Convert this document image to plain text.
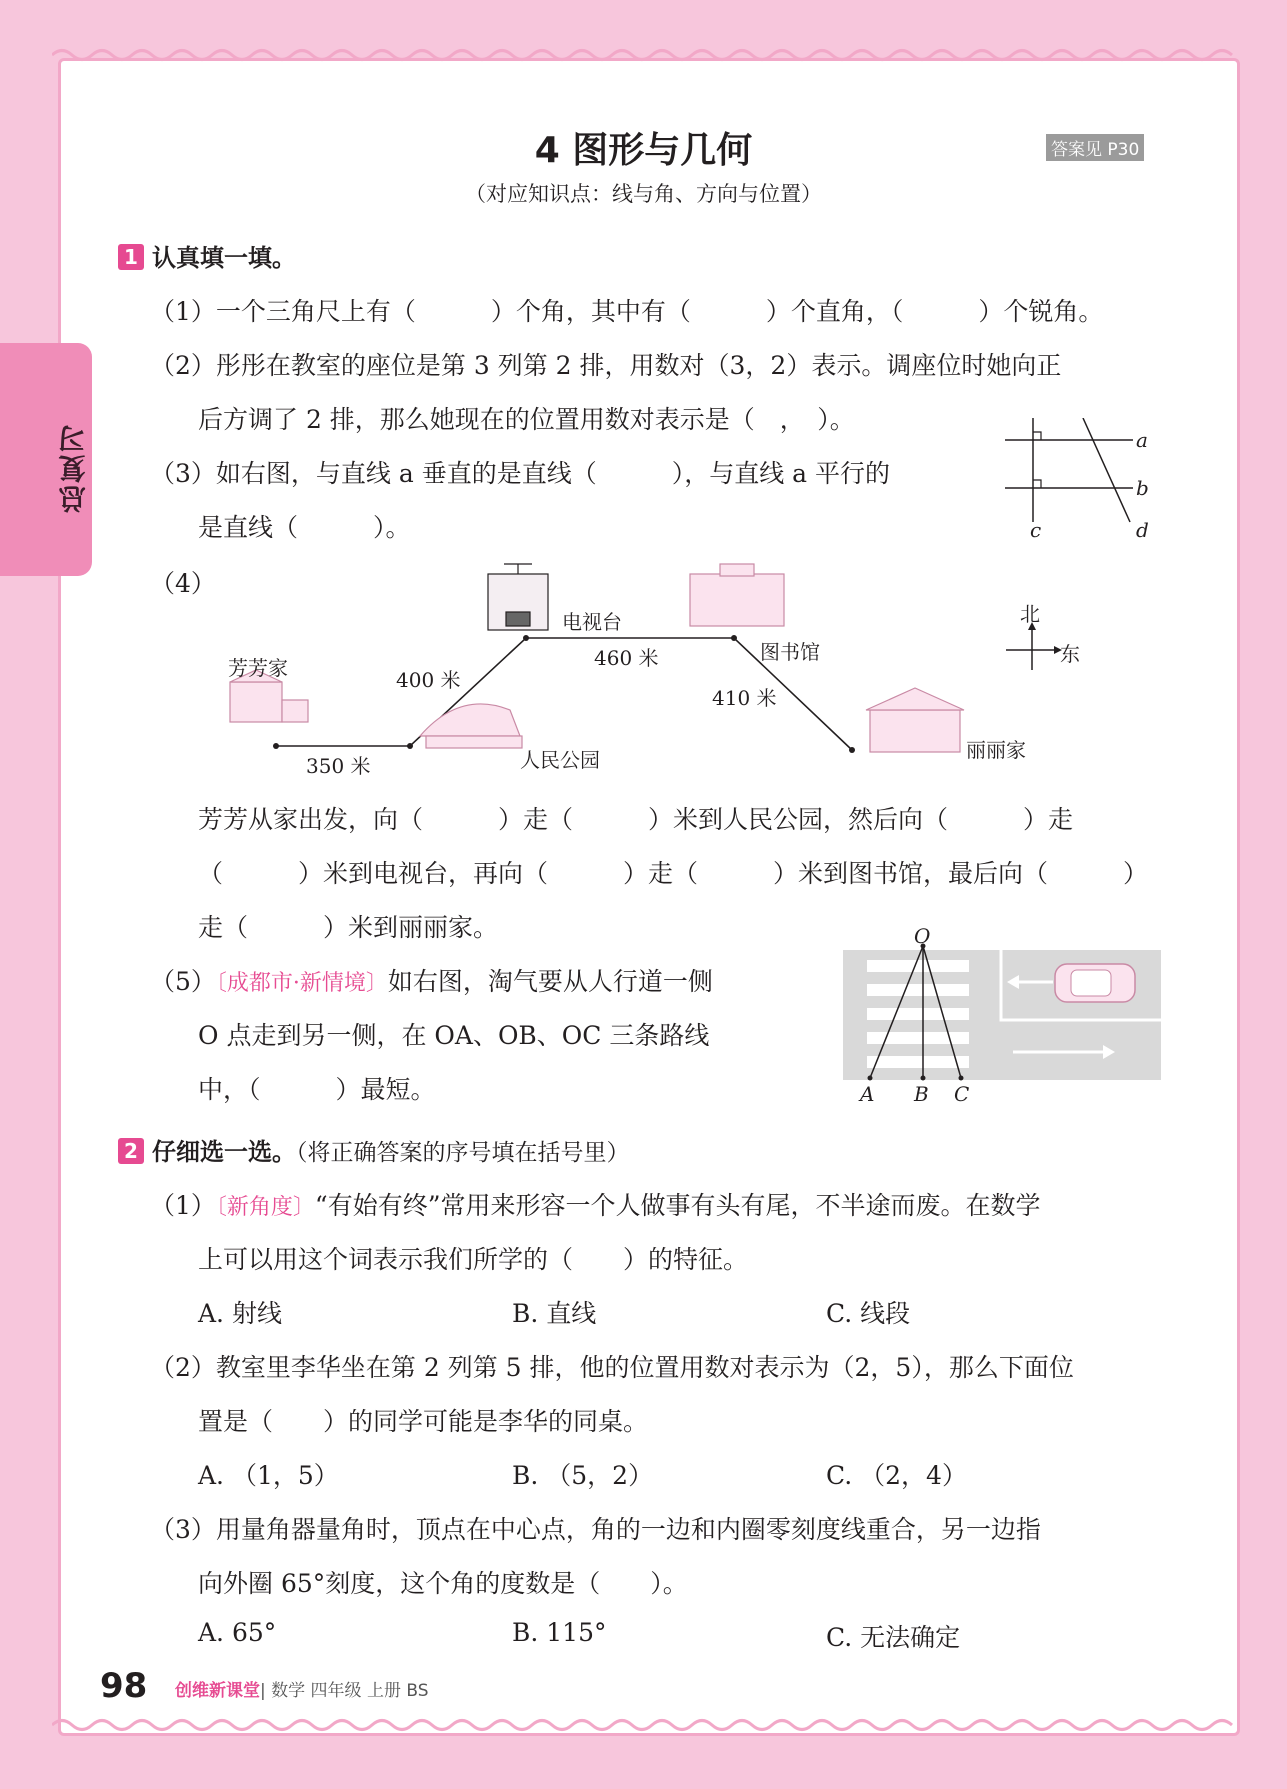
总复习
4 图形与几何	答案见 P30
（对应知识点：线与角、方向与位置）
1 认真填一填。
（1）一个三角尺上有（　　　）个角，其中有（　　　）个直角，（　　　）个锐角。
（2）彤彤在教室的座位是第 3 列第 2 排，用数对（3，2）表示。调座位时她向正
后方调了 2 排，那么她现在的位置用数对表示是（　，　）。
（3）如右图，与直线 a 垂直的是直线（　　　），与直线 a 平行的
是直线（　　　）。
a
b
c	d
（4）
芳芳家
人民公园
电视台
图书馆
丽丽家
350 米
400 米
460 米
410 米
北
东
芳芳从家出发，向（　　　）走（　　　）米到人民公园，然后向（　　　）走
（　　　）米到电视台，再向（　　　）走（　　　）米到图书馆，最后向（　　　）
走（　　　）米到丽丽家。
（5）〔成都市·新情境〕如右图，淘气要从人行道一侧
O 点走到另一侧，在 OA、OB、OC 三条路线
中，（　　　）最短。
O
A B C
2 仔细选一选。（将正确答案的序号填在括号里）
（1）〔新角度〕“有始有终”常用来形容一个人做事有头有尾，不半途而废。在数学
上可以用这个词表示我们所学的（　　）的特征。
A. 射线	B. 直线	C. 线段
（2）教室里李华坐在第 2 列第 5 排，他的位置用数对表示为（2，5），那么下面位
置是（　　）的同学可能是李华的同桌。
A. （1，5）	B. （5，2）	C. （2，4）
（3）用量角器量角时，顶点在中心点，角的一边和内圈零刻度线重合，另一边指
向外圈 65°刻度，这个角的度数是（　　）。
A. 65°	B. 115°	C. 无法确定
98 创维新课堂| 数学 四年级 上册 BS
